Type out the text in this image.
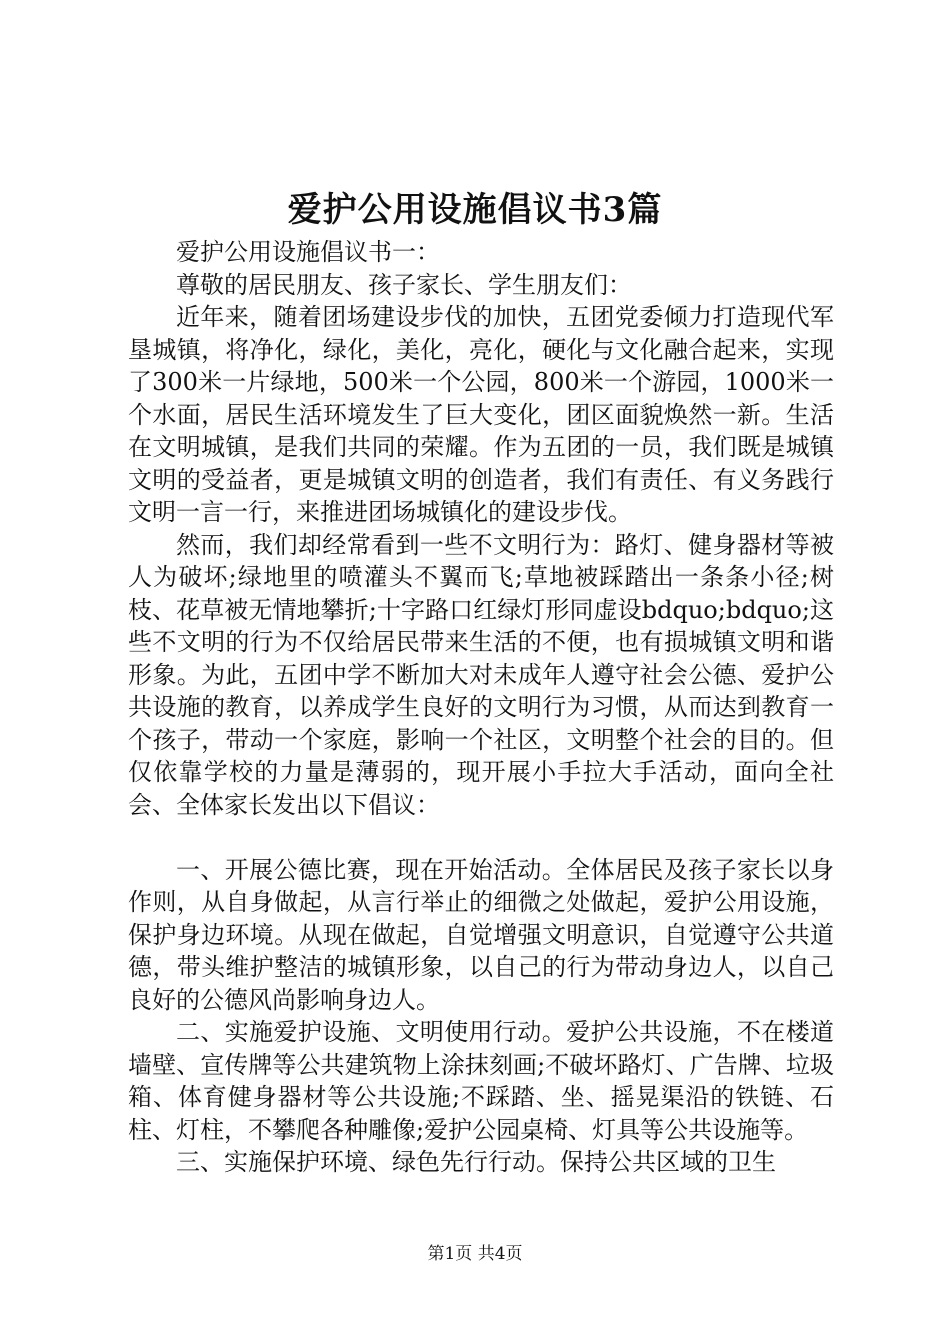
爱护公用设施倡议书3篇

爱护公用设施倡议书一：

尊敬的居民朋友、孩子家长、学生朋友们：

近年来，随着团场建设步伐的加快，五团党委倾力打造现代军垦城镇，将净化，绿化，美化，亮化，硬化与文化融合起来，实现了300米一片绿地，500米一个公园，800米一个游园，1000米一个水面，居民生活环境发生了巨大变化，团区面貌焕然一新。生活在文明城镇，是我们共同的荣耀。作为五团的一员，我们既是城镇文明的受益者，更是城镇文明的创造者，我们有责任、有义务践行文明一言一行，来推进团场城镇化的建设步伐。

然而，我们却经常看到一些不文明行为：路灯、健身器材等被人为破坏;绿地里的喷灌头不翼而飞;草地被踩踏出一条条小径;树枝、花草被无情地攀折;十字路口红绿灯形同虚设bdquo;bdquo;这些不文明的行为不仅给居民带来生活的不便，也有损城镇文明和谐形象。为此，五团中学不断加大对未成年人遵守社会公德、爱护公共设施的教育，以养成学生良好的文明行为习惯，从而达到教育一个孩子，带动一个家庭，影响一个社区，文明整个社会的目的。但仅依靠学校的力量是薄弱的，现开展小手拉大手活动，面向全社会、全体家长发出以下倡议：

一、开展公德比赛，现在开始活动。全体居民及孩子家长以身作则，从自身做起，从言行举止的细微之处做起，爱护公用设施，保护身边环境。从现在做起，自觉增强文明意识，自觉遵守公共道德，带头维护整洁的城镇形象，以自己的行为带动身边人，以自己良好的公德风尚影响身边人。

二、实施爱护设施、文明使用行动。爱护公共设施，不在楼道墙壁、宣传牌等公共建筑物上涂抹刻画;不破坏路灯、广告牌、垃圾箱、体育健身器材等公共设施;不踩踏、坐、摇晃渠沿的铁链、石柱、灯柱，不攀爬各种雕像;爱护公园桌椅、灯具等公共设施等。

三、实施保护环境、绿色先行行动。保持公共区域的卫生

第1页 共4页
